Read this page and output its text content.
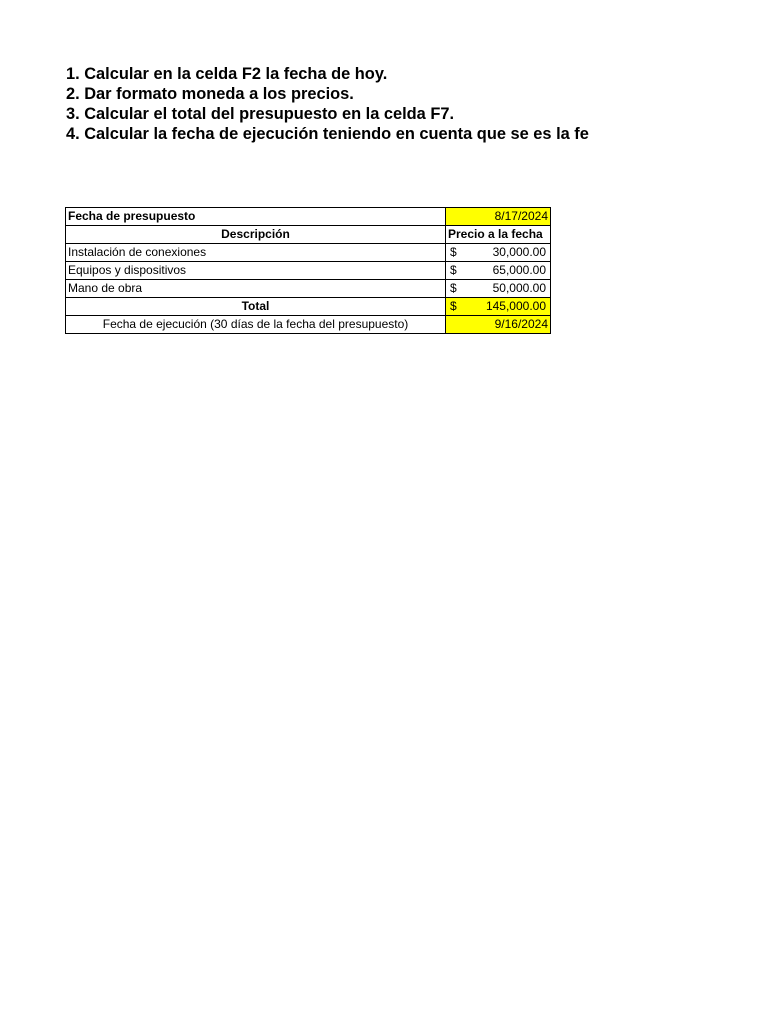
1. Calcular en la celda F2 la fecha de hoy.
2. Dar formato moneda a los precios.
3. Calcular el total del presupuesto en la celda F7.
4. Calcular la fecha de ejecución teniendo en cuenta que se es la fe
Fecha de presupuesto	8/17/2024
Descripción	Precio a la fecha
Instalación de conexiones	$ 30,000.00

Equipos y dispositivos	$ 65,000.00

Mano de obra	$ 50,000.00

Total	$ 145,000.00

Fecha de ejecución (30 días de la fecha del presupuesto)	9/16/2024
